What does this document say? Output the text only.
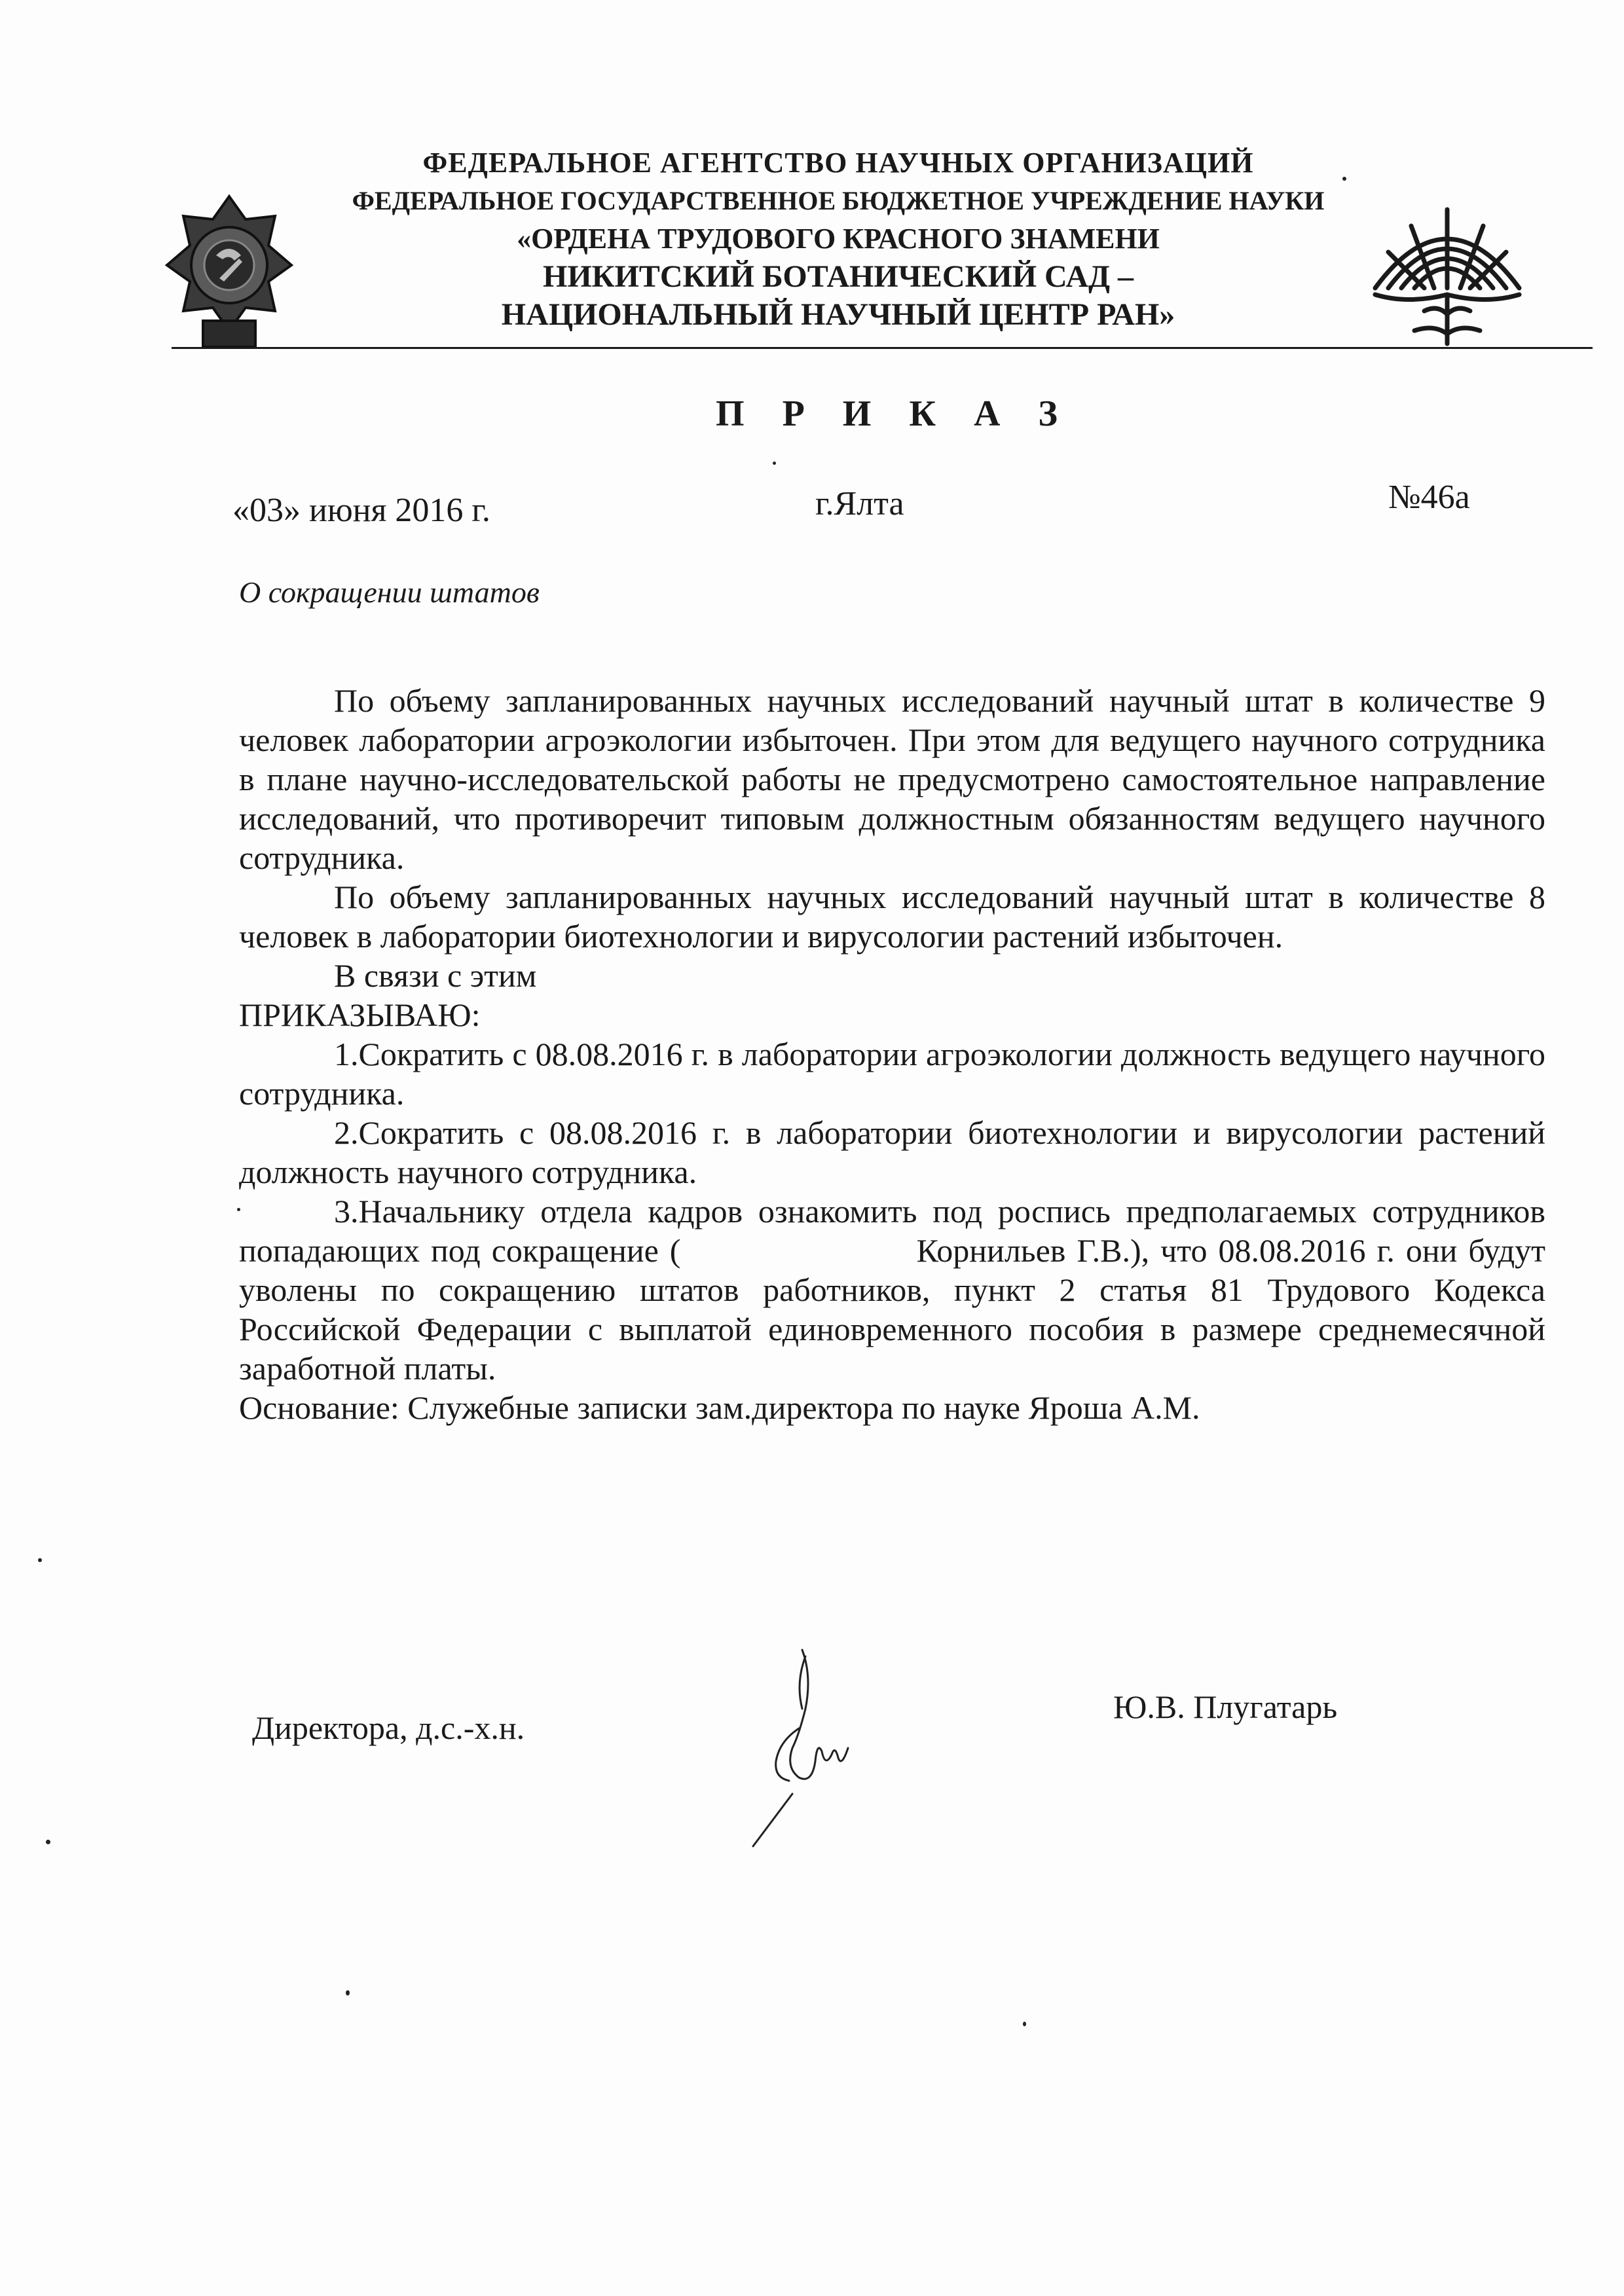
ФЕДЕРАЛЬНОЕ АГЕНТСТВО НАУЧНЫХ ОРГАНИЗАЦИЙ
ФЕДЕРАЛЬНОЕ ГОСУДАРСТВЕННОЕ БЮДЖЕТНОЕ УЧРЕЖДЕНИЕ НАУКИ
«ОРДЕНА ТРУДОВОГО КРАСНОГО ЗНАМЕНИ
НИКИТСКИЙ БОТАНИЧЕСКИЙ САД –
НАЦИОНАЛЬНЫЙ НАУЧНЫЙ ЦЕНТР РАН»
П Р И К А З
«03» июня 2016 г.	г.Ялта	№46а
О сокращении штатов

По объему запланированных научных исследований научный штат в количестве 9 человек лаборатории агроэкологии избыточен. При этом для ведущего научного сотрудника в плане научно-исследовательской работы не предусмотрено самостоятельное направление исследований, что противоречит типовым должностным обязанностям ведущего научного сотрудника.

По объему запланированных научных исследований научный штат в количестве 8 человек в лаборатории биотехнологии и вирусологии растений избыточен.

В связи с этим

ПРИКАЗЫВАЮ:

1.Сократить с 08.08.2016 г. в лаборатории агроэкологии должность ведущего научного сотрудника.

2.Сократить с 08.08.2016 г. в лаборатории биотехнологии и вирусологии растений должность научного сотрудника.

3.Начальнику отдела кадров ознакомить под роспись предполагаемых сотрудников попадающих под сокращение (	Корнильев Г.В.), что 08.08.2016 г. они будут уволены по сокращению штатов работников, пункт 2 статья 81 Трудового Кодекса Российской Федерации с выплатой единовременного пособия в размере среднемесячной заработной платы.

Основание: Служебные записки зам.директора по науке Яроша А.М.

Директора, д.с.-х.н.
Ю.В. Плугатарь
